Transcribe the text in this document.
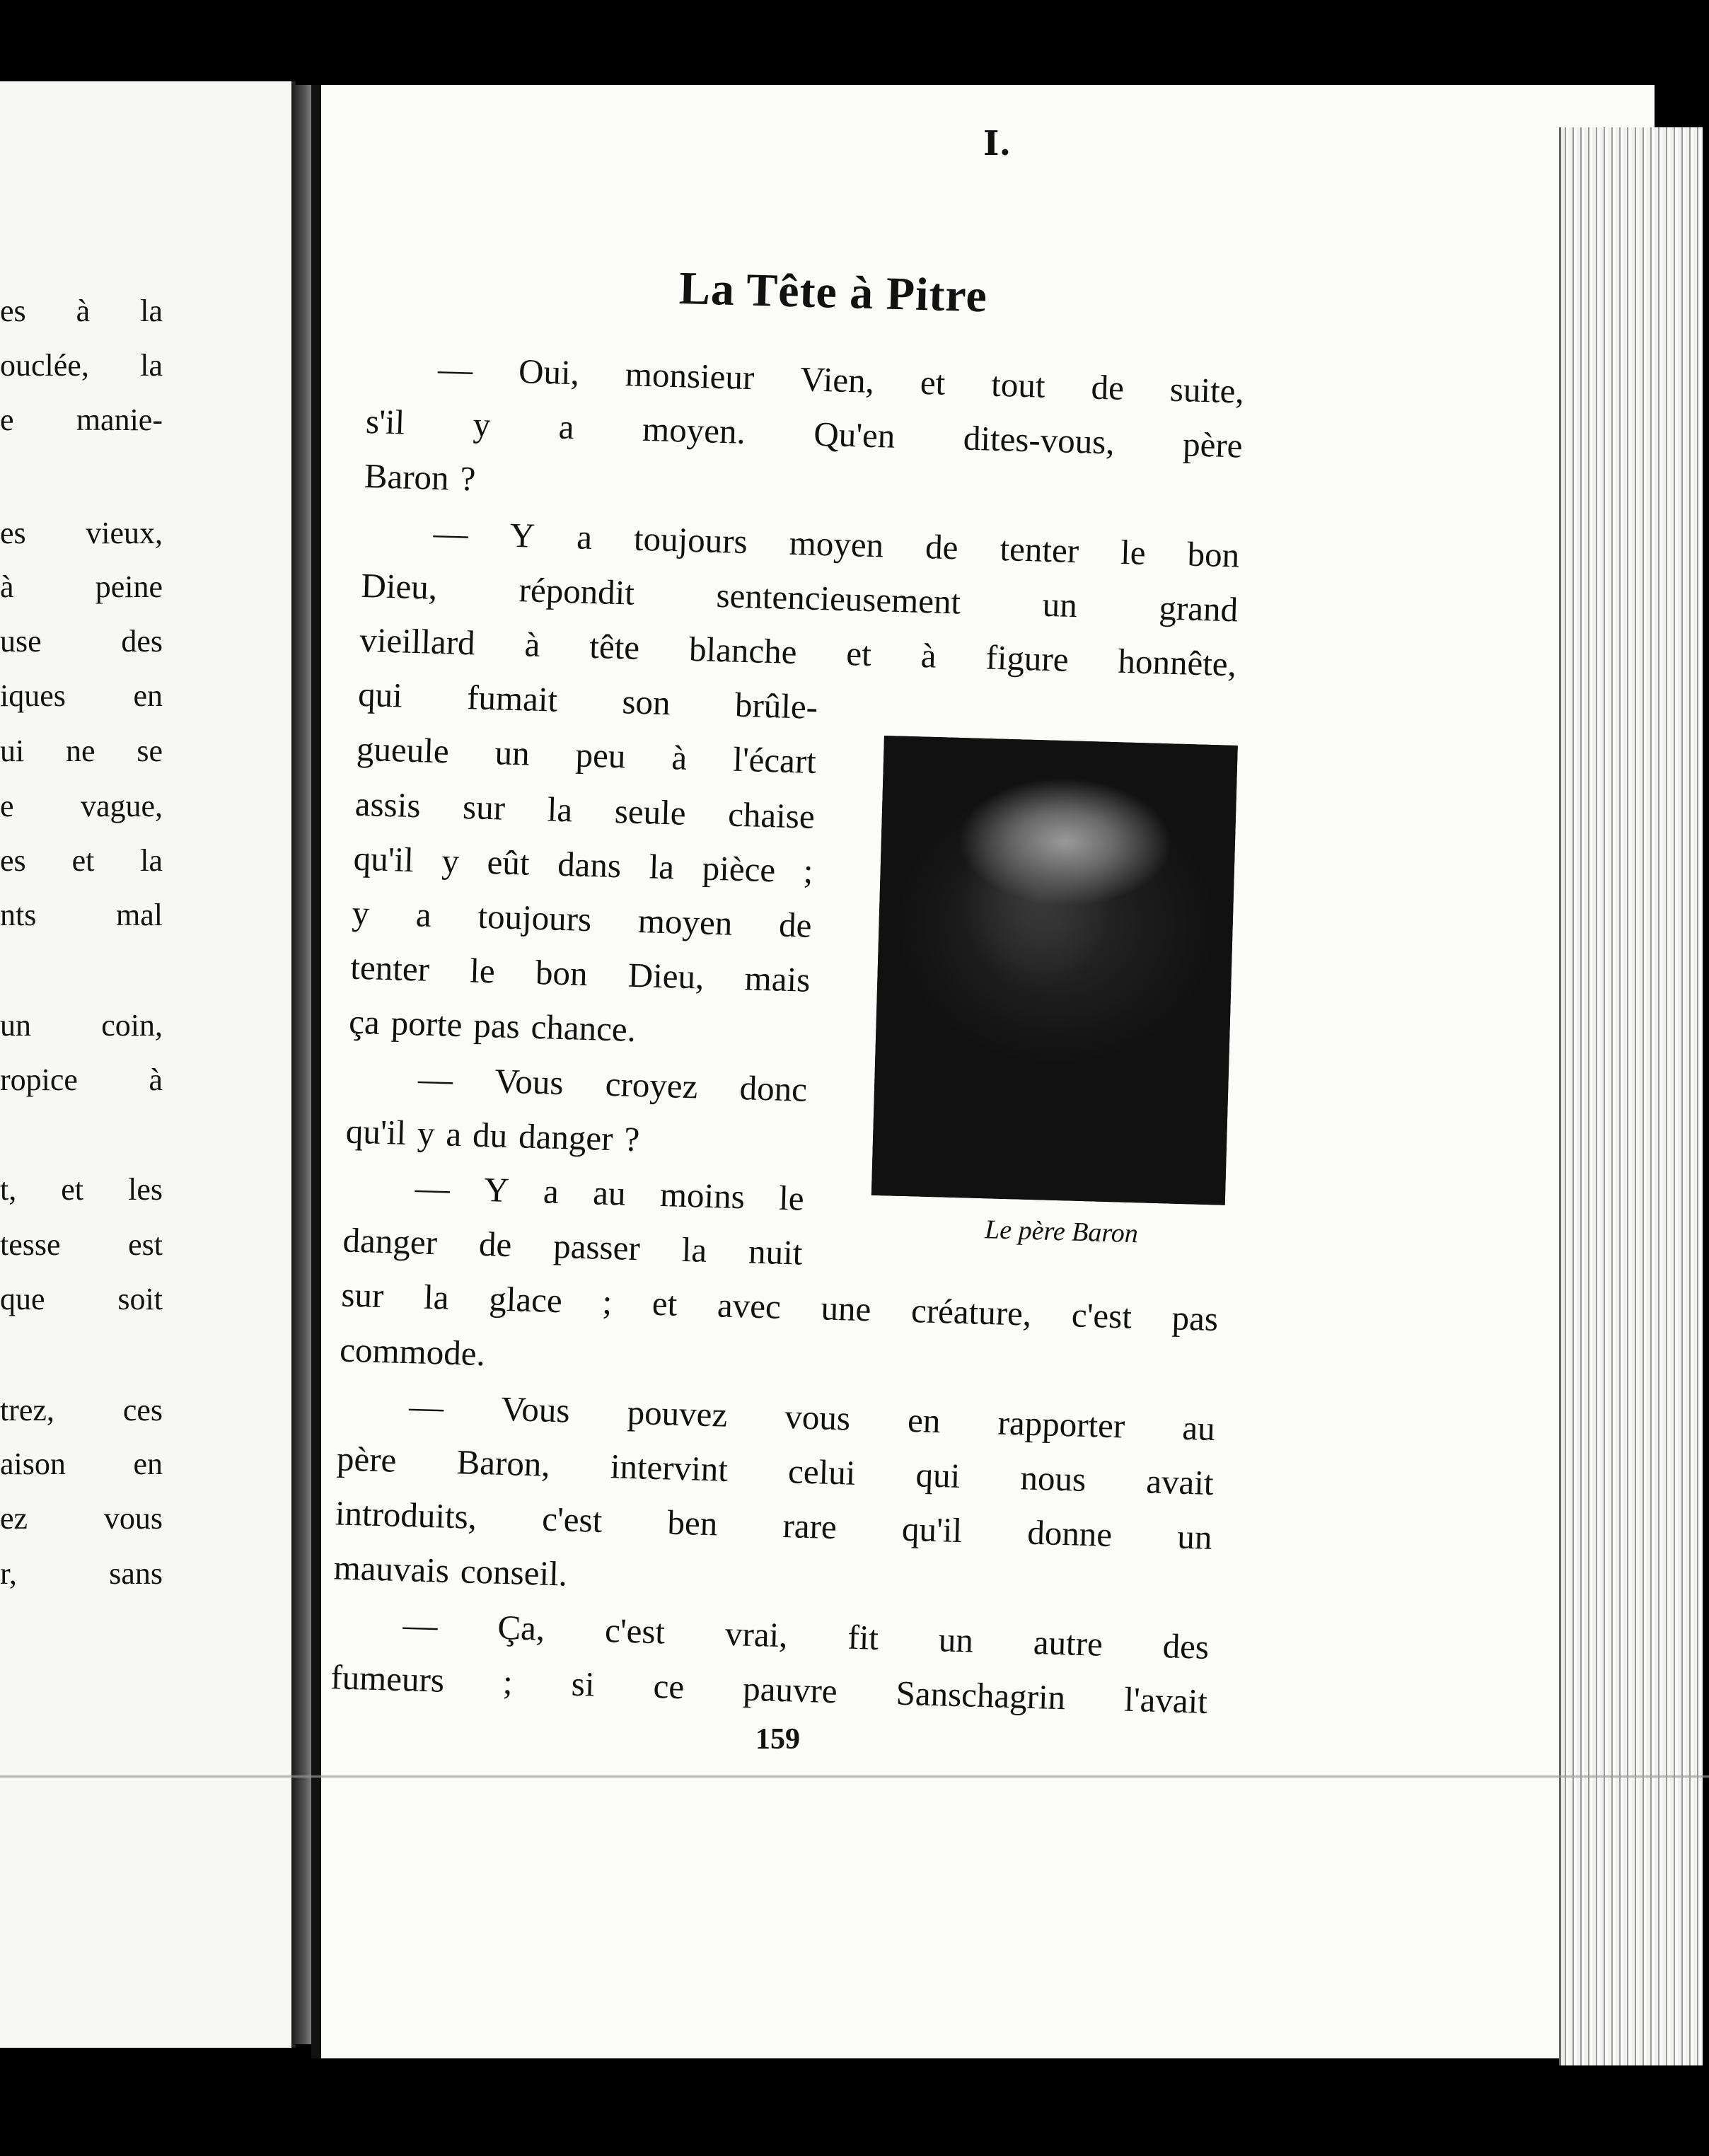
es à la
ouclée, la
e manie-
es vieux,
à	peine
use	des
iques en
ui ne se
e vague,
es et la
nts	mal
un coin,
ropice à
t, et les
tesse est
que soit
trez, ces
aison en
ez vous
r,	sans
I.
La Tête à Pitre
— Oui, monsieur Vien, et tout de suite,
s'il y a moyen. Qu'en dites-vous, père
Baron ?
— Y a toujours moyen de tenter le bon
Dieu, répondit sentencieusement un grand
vieillard à tête blanche et à figure honnête,
qui fumait son brûle-
gueule un peu à l'écart
assis sur la seule chaise
qu'il y eût dans la pièce ;
y a toujours moyen de
tenter le bon Dieu, mais
ça porte pas chance.
— Vous croyez donc
qu'il y a du danger ?
— Y a au moins le
danger de passer la nuit
sur la glace ; et avec une créature, c'est pas
commode.
— Vous pouvez vous en rapporter au
père Baron, intervint celui qui nous avait
introduits, c'est ben rare qu'il donne un
mauvais conseil.
— Ça, c'est vrai, fit un autre des
fumeurs ; si ce pauvre Sanschagrin l'avait
Le père Baron
159
